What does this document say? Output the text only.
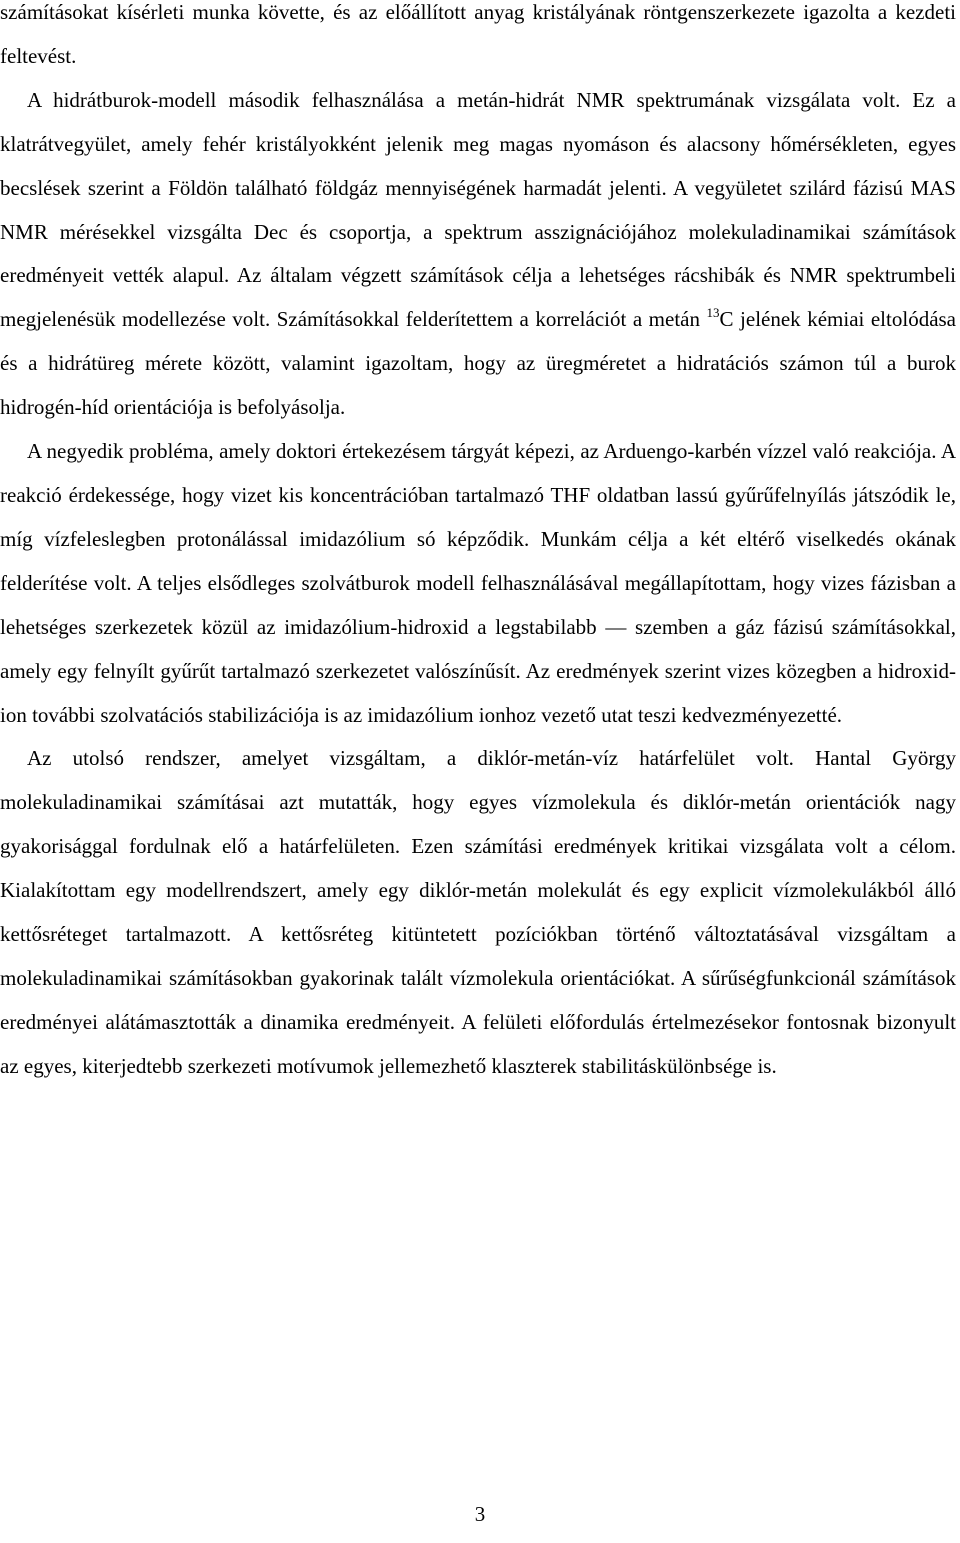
számításokat kísérleti munka követte, és az előállított anyag kristályának röntgenszerkezete igazolta a kezdeti feltevést.

A hidrátburok-modell második felhasználása a metán-hidrát NMR spektrumának vizsgálata volt. Ez a klatrátvegyület, amely fehér kristályokként jelenik meg magas nyomáson és alacsony hőmérsékleten, egyes becslések szerint a Földön található földgáz mennyiségének harmadát jelenti. A vegyületet szilárd fázisú MAS NMR mérésekkel vizsgálta Dec és csoportja, a spektrum asszignációjához molekuladinamikai számítások eredményeit vették alapul. Az általam végzett számítások célja a lehetséges rácshibák és NMR spektrumbeli megjelenésük modellezése volt. Számításokkal felderítettem a korrelációt a metán $^{13}$C jelének kémiai eltolódása és a hidrátüreg mérete között, valamint igazoltam, hogy az üregméretet a hidratációs számon túl a burok hidrogén-híd orientációja is befolyásolja.

A negyedik probléma, amely doktori értekezésem tárgyát képezi, az Arduengo-karbén vízzel való reakciója. A reakció érdekessége, hogy vizet kis koncentrációban tartalmazó THF oldatban lassú gyűrűfelnyílás játszódik le, míg vízfeleslegben protonálással imidazólium só képződik. Munkám célja a két eltérő viselkedés okának felderítése volt. A teljes elsődleges szolvátburok modell felhasználásával megállapítottam, hogy vizes fázisban a lehetséges szerkezetek közül az imidazólium-hidroxid a legstabilabb — szemben a gáz fázisú számításokkal, amely egy felnyílt gyűrűt tartalmazó szerkezetet valószínűsít. Az eredmények szerint vizes közegben a hidroxid-ion további szolvatációs stabilizációja is az imidazólium ionhoz vezető utat teszi kedvezményezetté.

Az utolsó rendszer, amelyet vizsgáltam, a diklór-metán-víz határfelület volt. Hantal György molekuladinamikai számításai azt mutatták, hogy egyes vízmolekula és diklór-metán orientációk nagy gyakorisággal fordulnak elő a határfelületen. Ezen számítási eredmények kritikai vizsgálata volt a célom. Kialakítottam egy modellrendszert, amely egy diklór-metán molekulát és egy explicit vízmolekulákból álló kettősréteget tartalmazott. A kettősréteg kitüntetett pozíciókban történő változtatásával vizsgáltam a molekuladinamikai számításokban gyakorinak talált vízmolekula orientációkat. A sűrűségfunkcionál számítások eredményei alátámasztották a dinamika eredményeit. A felületi előfordulás értelmezésekor fontosnak bizonyult az egyes, kiterjedtebb szerkezeti motívumok jellemezhető klaszterek stabilitáskülönbsége is.

3
